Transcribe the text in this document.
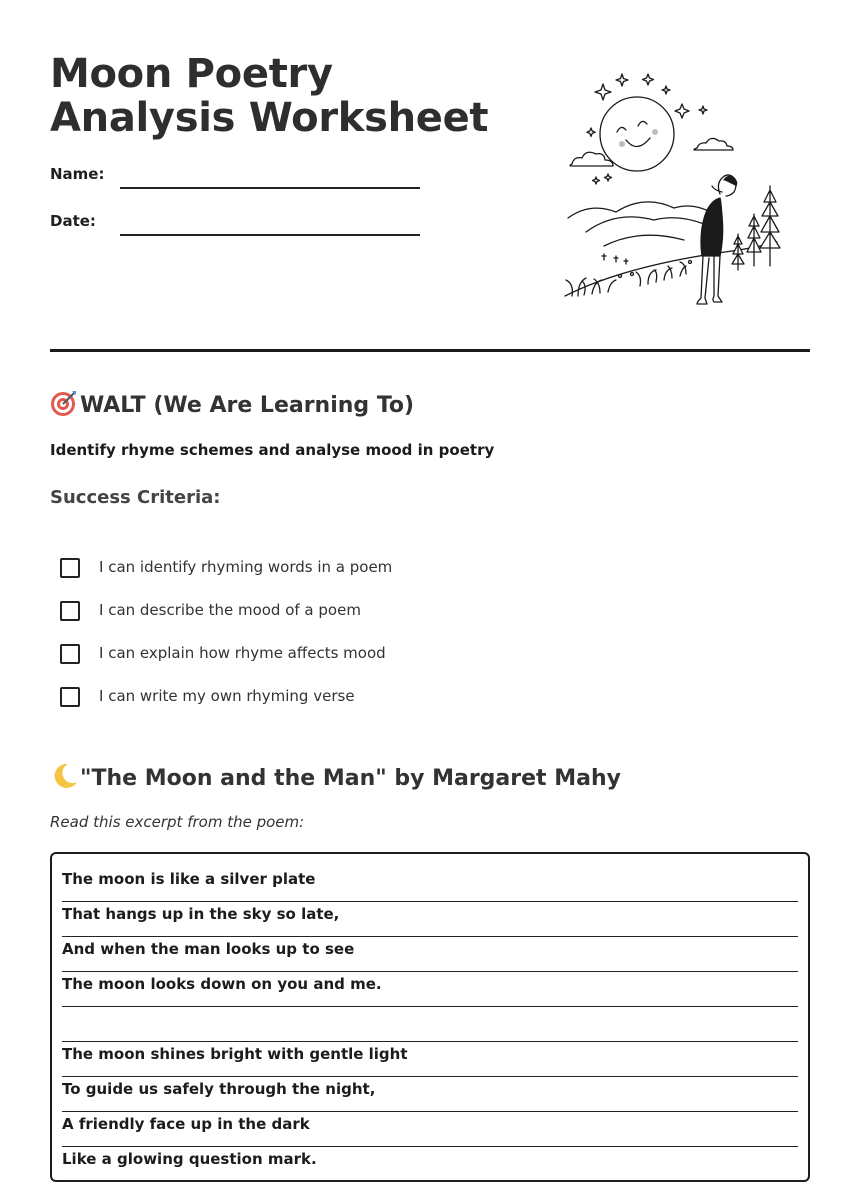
Moon Poetry Analysis Worksheet
Name:
Date:
WALT (We Are Learning To)
Identify rhyme schemes and analyse mood in poetry
Success Criteria:
I can identify rhyming words in a poem
I can describe the mood of a poem
I can explain how rhyme affects mood
I can write my own rhyming verse
"The Moon and the Man" by Margaret Mahy
Read this excerpt from the poem:
The moon is like a silver plate
That hangs up in the sky so late,
And when the man looks up to see
The moon looks down on you and me.
The moon shines bright with gentle light
To guide us safely through the night,
A friendly face up in the dark
Like a glowing question mark.
